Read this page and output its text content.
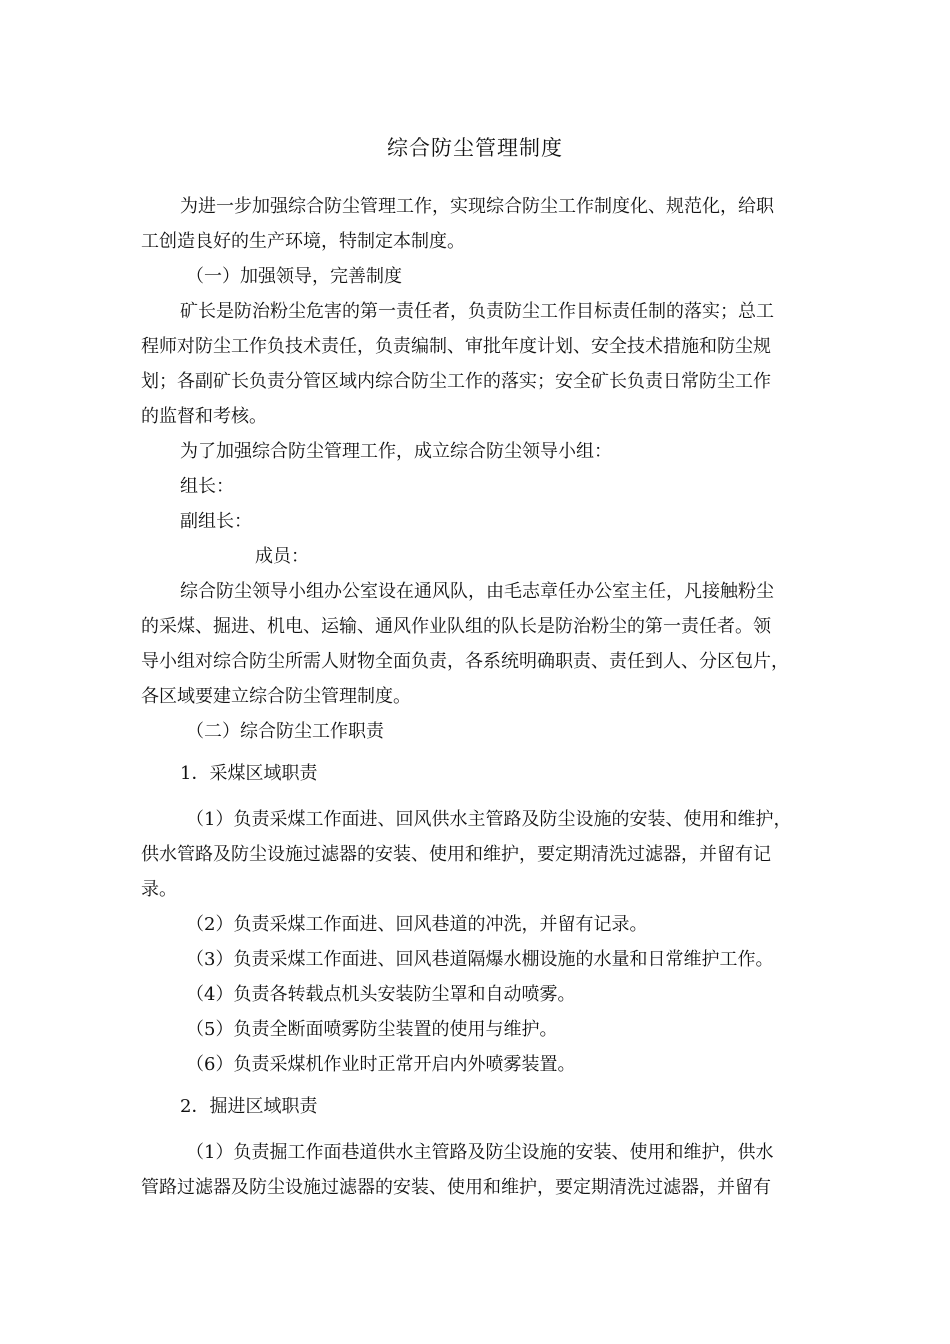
综合防尘管理制度

为进一步加强综合防尘管理工作，实现综合防尘工作制度化、规范化，给职

工创造良好的生产环境，特制定本制度。

（一）加强领导，完善制度

矿长是防治粉尘危害的第一责任者，负责防尘工作目标责任制的落实；总工

程师对防尘工作负技术责任，负责编制、审批年度计划、安全技术措施和防尘规

划；各副矿长负责分管区域内综合防尘工作的落实；安全矿长负责日常防尘工作

的监督和考核。

为了加强综合防尘管理工作，成立综合防尘领导小组：

组长：

副组长：

成员：

综合防尘领导小组办公室设在通风队，由毛志章任办公室主任，凡接触粉尘

的采煤、掘进、机电、运输、通风作业队组的队长是防治粉尘的第一责任者。领

导小组对综合防尘所需人财物全面负责，各系统明确职责、责任到人、分区包片，

各区域要建立综合防尘管理制度。

（二）综合防尘工作职责

1．采煤区域职责

（1）负责采煤工作面进、回风供水主管路及防尘设施的安装、使用和维护，

供水管路及防尘设施过滤器的安装、使用和维护，要定期清洗过滤器，并留有记

录。

（2）负责采煤工作面进、回风巷道的冲洗，并留有记录。

（3）负责采煤工作面进、回风巷道隔爆水棚设施的水量和日常维护工作。

（4）负责各转载点机头安装防尘罩和自动喷雾。

（5）负责全断面喷雾防尘装置的使用与维护。

（6）负责采煤机作业时正常开启内外喷雾装置。

2．掘进区域职责

（1）负责掘工作面巷道供水主管路及防尘设施的安装、使用和维护，供水

管路过滤器及防尘设施过滤器的安装、使用和维护，要定期清洗过滤器，并留有
